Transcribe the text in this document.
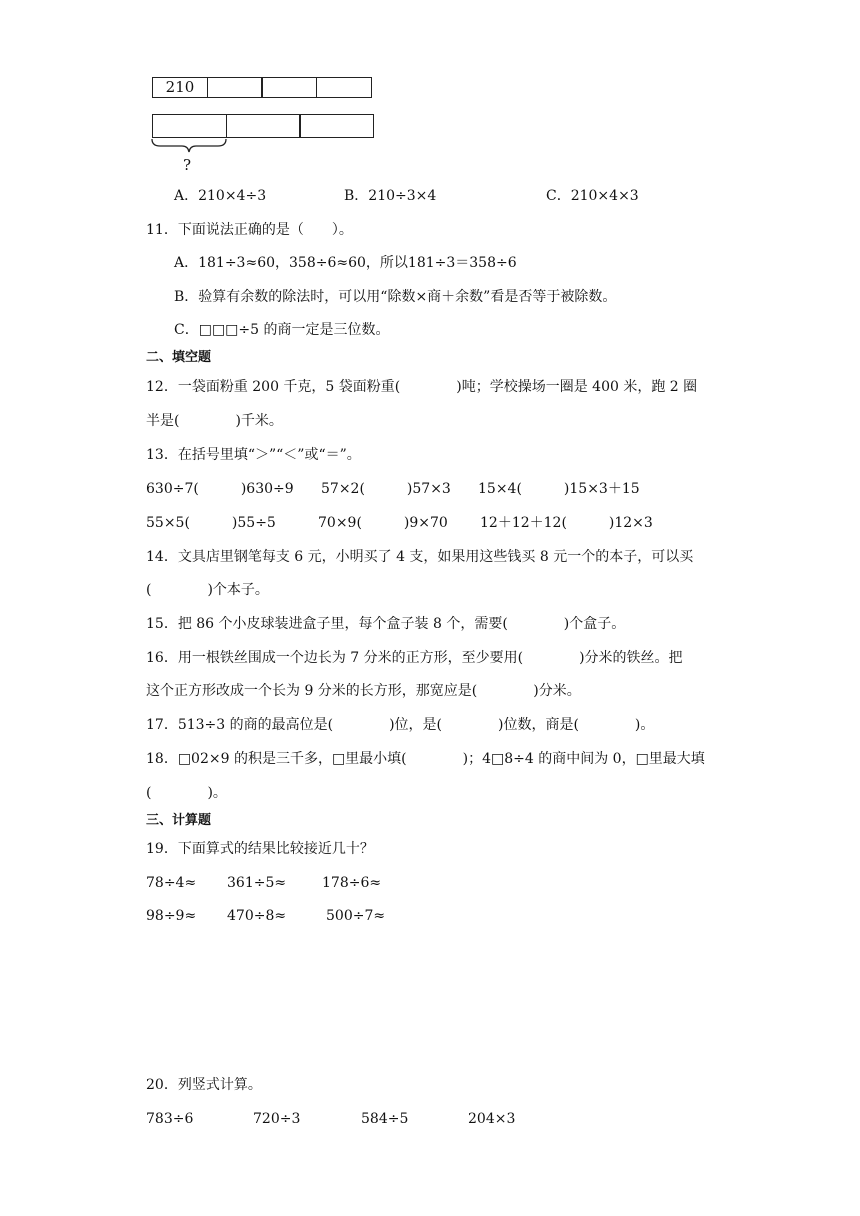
210
?
A．210×4÷3	B．210÷3×4	C．210×4×3
11．下面说法正确的是（　　）。
A．181÷3≈60，358÷6≈60，所以181÷3＝358÷6
B．验算有余数的除法时，可以用“除数×商＋余数”看是否等于被除数。
C．□□□÷5 的商一定是三位数。
二、填空题
12．一袋面粉重 200 千克，5 袋面粉重(　　　　)吨；学校操场一圈是 400 米，跑 2 圈
半是(　　　　)千米。
13．在括号里填“＞”“＜”或“＝”。
630÷7(　　　)630÷9 57×2(　　　)57×3 15×4(　　　)15×3＋15
55×5(　　　)55÷5	70×9(　　　)9×70 12＋12＋12(　　　)12×3
14．文具店里钢笔每支 6 元，小明买了 4 支，如果用这些钱买 8 元一个的本子，可以买
(　　　　)个本子。
15．把 86 个小皮球装进盒子里，每个盒子装 8 个，需要(　　　　)个盒子。
16．用一根铁丝围成一个边长为 7 分米的正方形，至少要用(　　　　)分米的铁丝。把
这个正方形改成一个长为 9 分米的长方形，那宽应是(　　　　)分米。
17．513÷3 的商的最高位是(　　　　)位，是(　　　　)位数，商是(　　　　)。
18．□02×9 的积是三千多，□里最小填(　　　　)；4□8÷4 的商中间为 0，□里最大填
(　　　　)。
三、计算题
19．下面算式的结果比较接近几十？
78÷4≈ 361÷5≈	178÷6≈
98÷9≈ 470÷8≈	500÷7≈
20．列竖式计算。
783÷6	720÷3	584÷5	204×3
